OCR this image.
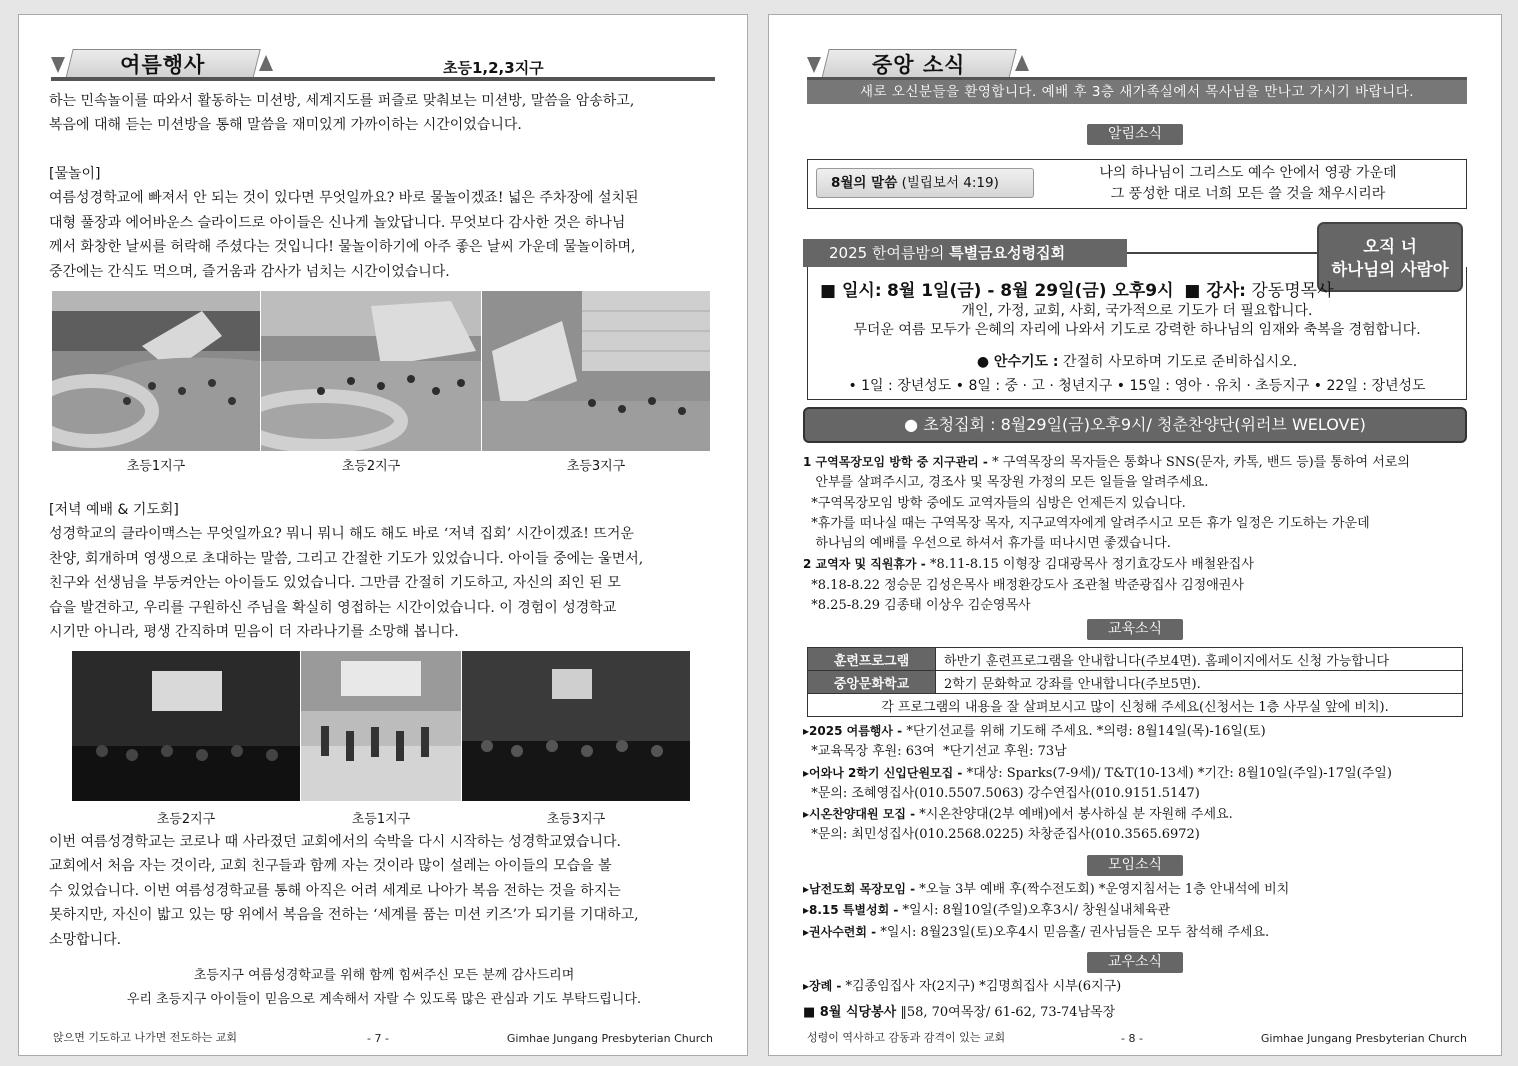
여름행사	초등1,2,3지구
하는 민속놀이를 따와서 활동하는 미션방, 세계지도를 퍼즐로 맞춰보는 미션방, 말씀을 암송하고,
복음에 대해 듣는 미션방을 통해 말씀을 재미있게 가까이하는 시간이었습니다.
[물놀이]
여름성경학교에 빠져서 안 되는 것이 있다면 무엇일까요? 바로 물놀이겠죠! 넓은 주차장에 설치된
대형 풀장과 에어바운스 슬라이드로 아이들은 신나게 놀았답니다. 무엇보다 감사한 것은 하나님
께서 화창한 날씨를 허락해 주셨다는 것입니다! 물놀이하기에 아주 좋은 날씨 가운데 물놀이하며,
중간에는 간식도 먹으며, 즐거움과 감사가 넘치는 시간이었습니다.
초등1지구	초등2지구	초등3지구
[저녁 예배 & 기도회]
성경학교의 클라이맥스는 무엇일까요? 뭐니 뭐니 해도 해도 바로 ‘저녁 집회’ 시간이겠죠! 뜨거운
찬양, 회개하며 영생으로 초대하는 말씀, 그리고 간절한 기도가 있었습니다. 아이들 중에는 울면서,
친구와 선생님을 부둥켜안는 아이들도 있었습니다. 그만큼 간절히 기도하고, 자신의 죄인 된 모
습을 발견하고, 우리를 구원하신 주님을 확실히 영접하는 시간이었습니다. 이 경험이 성경학교
시기만 아니라, 평생 간직하며 믿음이 더 자라나기를 소망해 봅니다.
초등2지구	초등1지구	초등3지구
이번 여름성경학교는 코로나 때 사라졌던 교회에서의 숙박을 다시 시작하는 성경학교였습니다.
교회에서 처음 자는 것이라, 교회 친구들과 함께 자는 것이라 많이 설레는 아이들의 모습을 볼
수 있었습니다. 이번 여름성경학교를 통해 아직은 어려 세계로 나아가 복음 전하는 것을 하지는
못하지만, 자신이 밟고 있는 땅 위에서 복음을 전하는 ‘세계를 품는 미션 키즈’가 되기를 기대하고,
소망합니다.
초등지구 여름성경학교를 위해 함께 힘써주신 모든 분께 감사드리며
우리 초등지구 아이들이 믿음으로 계속해서 자랄 수 있도록 많은 관심과 기도 부탁드립니다.
앉으면 기도하고 나가면 전도하는 교회	- 7 -	Gimhae Jungang Presbyterian Church
중앙 소식
새로 오신분들을 환영합니다. 예배 후 3층 새가족실에서 목사님을 만나고 가시기 바랍니다.
알림소식
8월의 말씀 (빌립보서 4:19)
나의 하나님이 그리스도 예수 안에서 영광 가운데
그 풍성한 대로 너희 모든 쓸 것을 채우시리라
2025 한여름밤의 특별금요성령집회	오직 너
하나님의 사람아
■ 일시: 8월 1일(금) - 8월 29일(금) 오후9시 ■ 강사: 강동명목사
개인, 가정, 교회, 사회, 국가적으로 기도가 더 필요합니다.
무더운 여름 모두가 은혜의 자리에 나와서 기도로 강력한 하나님의 임재와 축복을 경험합니다.
● 안수기도 : 간절히 사모하며 기도로 준비하십시오.
• 1일 : 장년성도 • 8일 : 중 · 고 · 청년지구 • 15일 : 영아 · 유치 · 초등지구 • 22일 : 장년성도
● 초청집회 : 8월29일(금)오후9시/ 청춘찬양단(위러브 WELOVE)
1 구역목장모임 방학 중 지구관리 - * 구역목장의 목자들은 통화나 SNS(문자, 카톡, 밴드 등)를 통하여 서로의
안부를 살펴주시고, 경조사 및 목장원 가정의 모든 일들을 알려주세요.
*구역목장모임 방학 중에도 교역자들의 심방은 언제든지 있습니다.
*휴가를 떠나실 때는 구역목장 목자, 지구교역자에게 알려주시고 모든 휴가 일정은 기도하는 가운데
하나님의 예배를 우선으로 하셔서 휴가를 떠나시면 좋겠습니다.
2 교역자 및 직원휴가 - *8.11-8.15 이형장 김대광목사 정기효강도사 배철완집사
*8.18-8.22 정승문 김성은목사 배정환강도사 조관철 박준광집사 김정애권사
*8.25-8.29 김종태 이상우 김순영목사
교육소식
훈련프로그램	하반기 훈련프로그램을 안내합니다(주보4면). 홈페이지에서도 신청 가능합니다
중앙문화학교	2학기 문화학교 강좌를 안내합니다(주보5면).
각 프로그램의 내용을 잘 살펴보시고 많이 신청해 주세요(신청서는 1층 사무실 앞에 비치).	
▸2025 여름행사 - *단기선교를 위해 기도해 주세요. *의령: 8월14일(목)-16일(토)
*교육목장 후원: 63여  *단기선교 후원: 73남
▸어와나 2학기 신입단원모집 - *대상: Sparks(7-9세)/ T&T(10-13세) *기간: 8월10일(주일)-17일(주일)
*문의: 조혜영집사(010.5507.5063) 강수연집사(010.9151.5147)
▸시온찬양대원 모집 - *시온찬양대(2부 예배)에서 봉사하실 분 자원해 주세요.
*문의: 최민성집사(010.2568.0225) 차창준집사(010.3565.6972)
모임소식
▸남전도회 목장모임 - *오늘 3부 예배 후(짝수전도회) *운영지침서는 1층 안내석에 비치
▸8.15 특별성회 - *일시: 8월10일(주일)오후3시/ 창원실내체육관
▸권사수련회 - *일시: 8월23일(토)오후4시 믿음홀/ 권사님들은 모두 참석해 주세요.
교우소식
▸장례 - *김종임집사 자(2지구) *김명희집사 시부(6지구)
■ 8월 식당봉사 ‖58, 70여목장/ 61-62, 73-74남목장
성령이 역사하고 감동과 감격이 있는 교회	- 8 -	Gimhae Jungang Presbyterian Church
